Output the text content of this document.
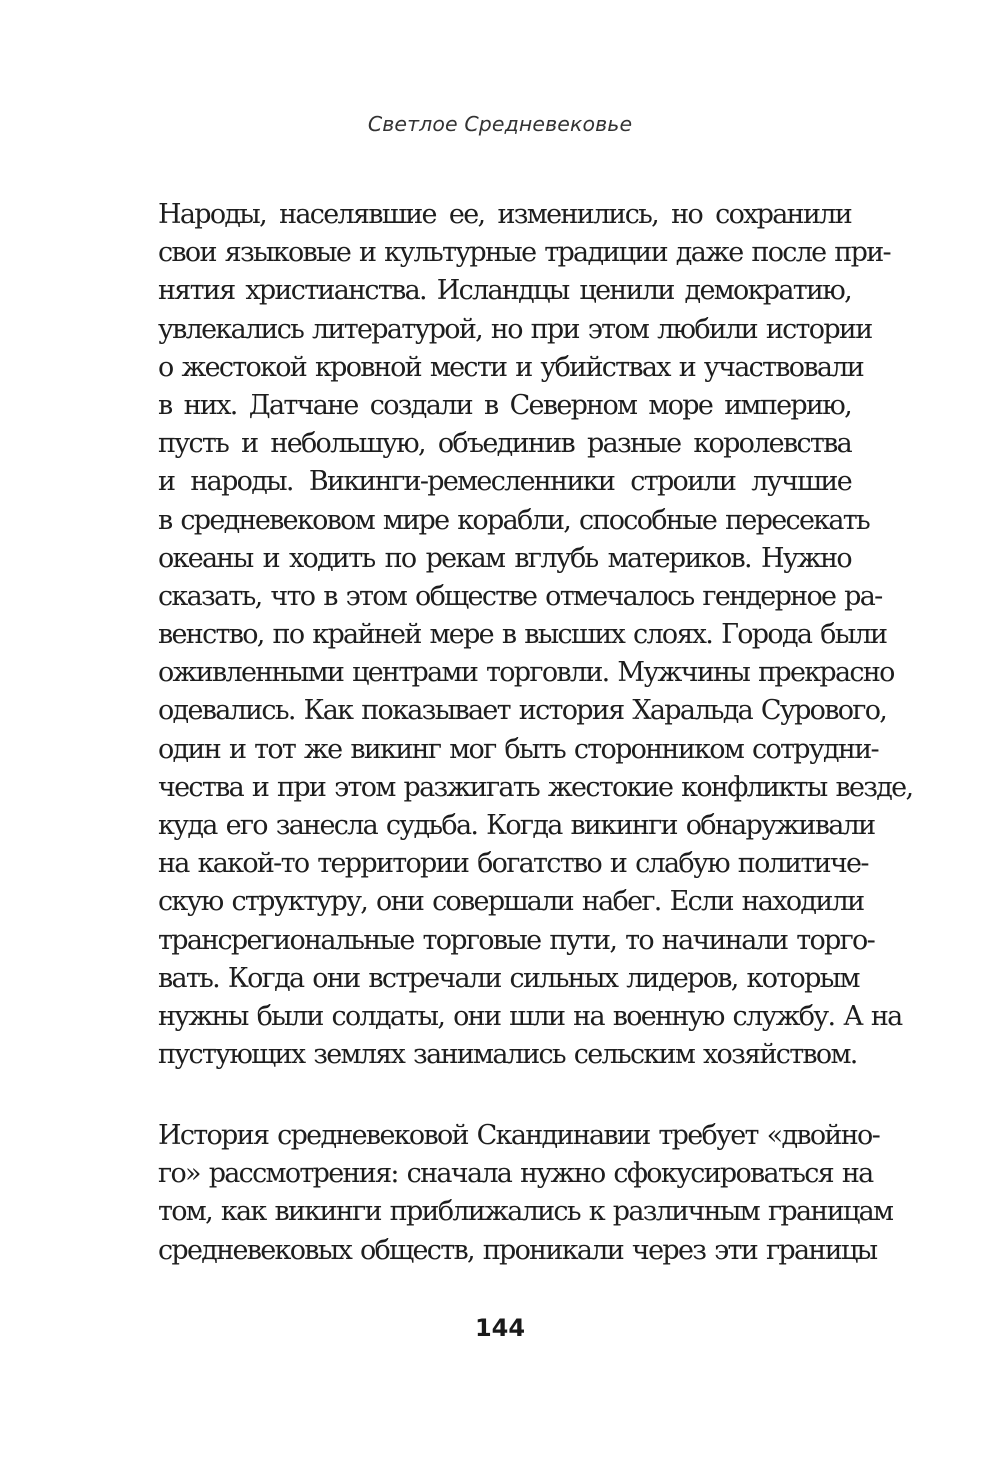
Светлое Средневековье
Народы, населявшие ее, изменились, но сохранили
свои языковые и культурные традиции даже после при-
нятия христианства. Исландцы ценили демократию,
увлекались литературой, но при этом любили истории
о жестокой кровной мести и убийствах и участвовали
в них. Датчане создали в Северном море империю,
пусть и небольшую, объединив разные королевства
и народы. Викинги-ремесленники строили лучшие
в средневековом мире корабли, способные пересекать
океаны и ходить по рекам вглубь материков. Нужно
сказать, что в этом обществе отмечалось гендерное ра-
венство, по крайней мере в высших слоях. Города были
оживленными центрами торговли. Мужчины прекрасно
одевались. Как показывает история Харальда Сурового,
один и тот же викинг мог быть сторонником сотрудни-
чества и при этом разжигать жестокие конфликты везде,
куда его занесла судьба. Когда викинги обнаруживали
на какой-то территории богатство и слабую политиче-
скую структуру, они совершали набег. Если находили
трансрегиональные торговые пути, то начинали торго-
вать. Когда они встречали сильных лидеров, которым
нужны были солдаты, они шли на военную службу. А на
пустующих землях занимались сельским хозяйством.
История средневековой Скандинавии требует «двойно-
го» рассмотрения: сначала нужно сфокусироваться на
том, как викинги приближались к различным границам
средневековых обществ, проникали через эти границы
144
